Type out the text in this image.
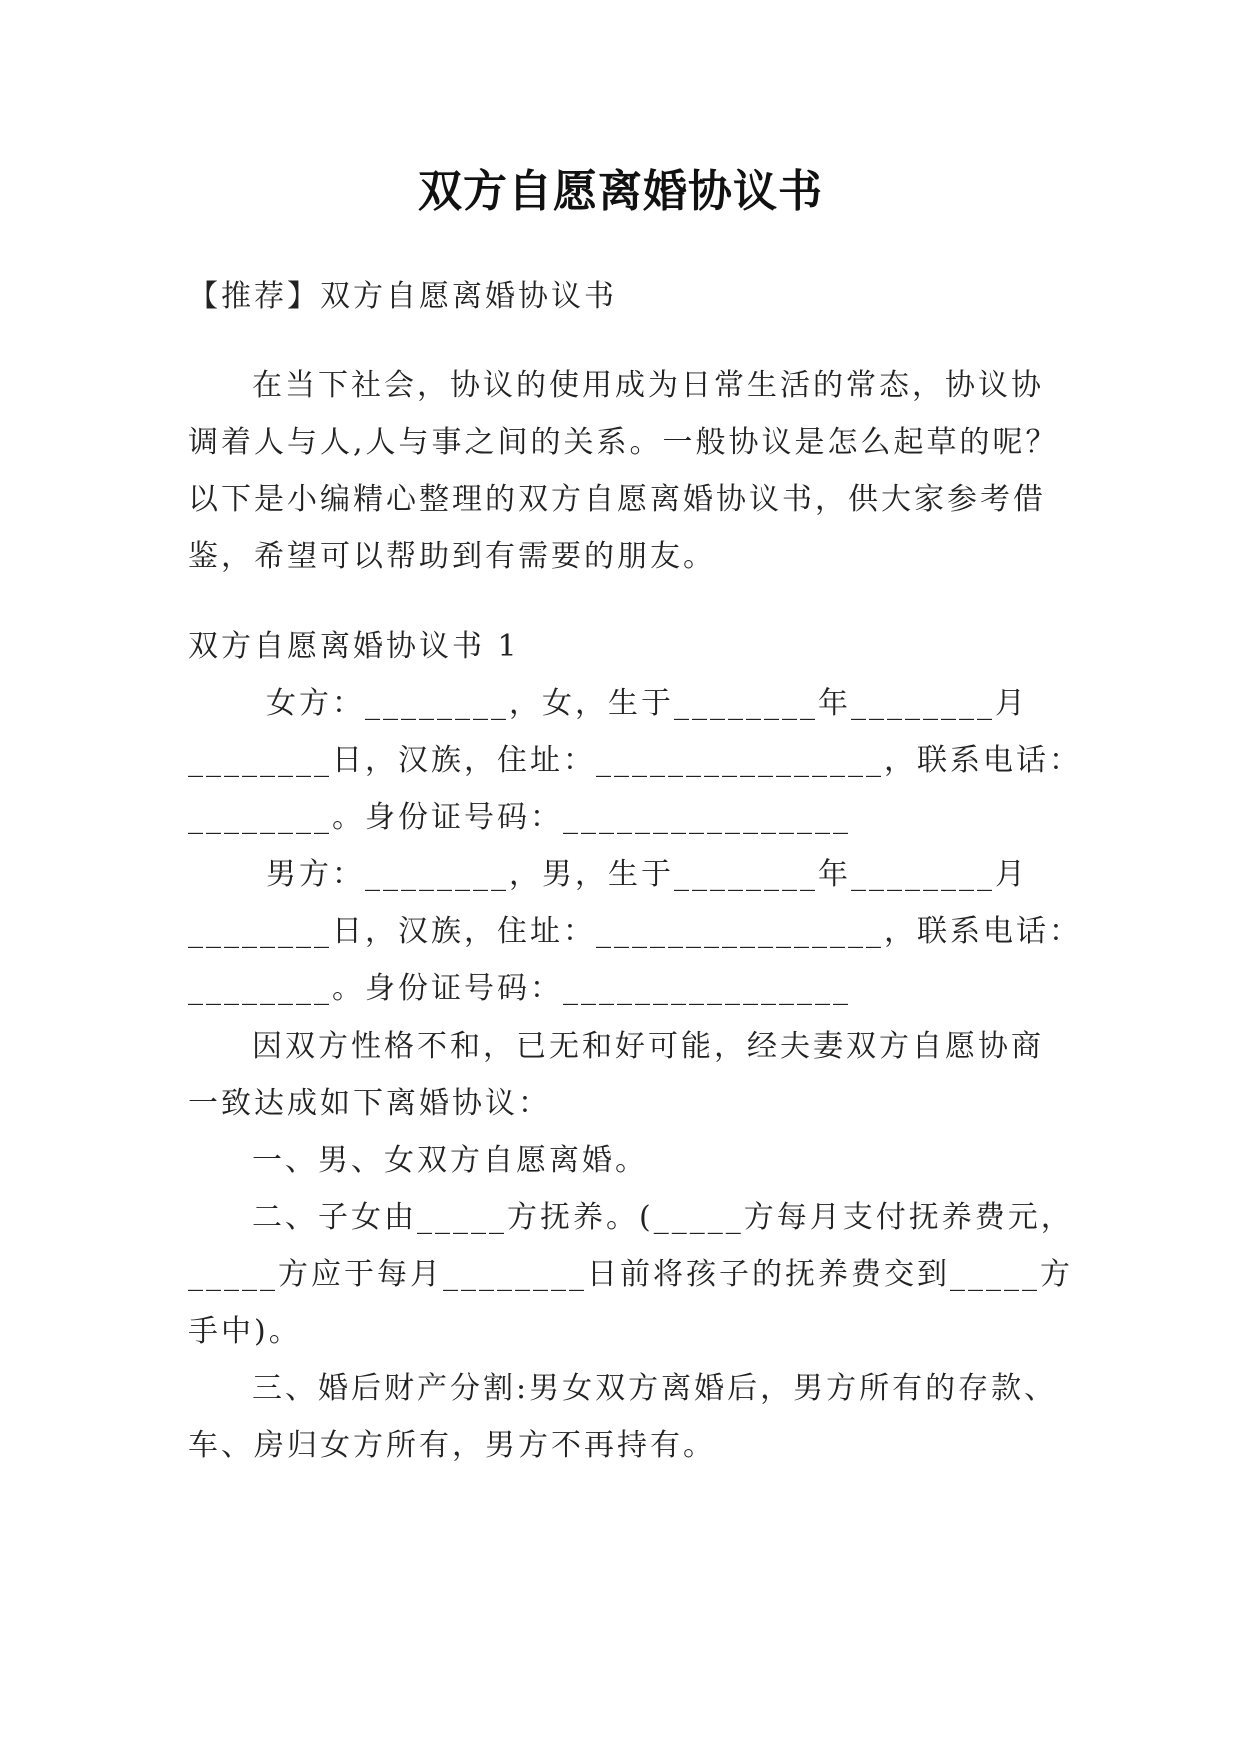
双方自愿离婚协议书

【推荐】双方自愿离婚协议书

在当下社会，协议的使用成为日常生活的常态，协议协

调着人与人,人与事之间的关系。一般协议是怎么起草的呢？

以下是小编精心整理的双方自愿离婚协议书，供大家参考借

鉴，希望可以帮助到有需要的朋友。

双方自愿离婚协议书 1

女方：________，女，生于________年________月

________日，汉族，住址：________________，联系电话：

________。身份证号码：________________

男方：________，男，生于________年________月

________日，汉族，住址：________________，联系电话：

________。身份证号码：________________

因双方性格不和，已无和好可能，经夫妻双方自愿协商

一致达成如下离婚协议：

一、男、女双方自愿离婚。

二、子女由_____方抚养。(_____方每月支付抚养费元，

_____方应于每月________日前将孩子的抚养费交到_____方

手中)。

三、婚后财产分割:男女双方离婚后，男方所有的存款、

车、房归女方所有，男方不再持有。
